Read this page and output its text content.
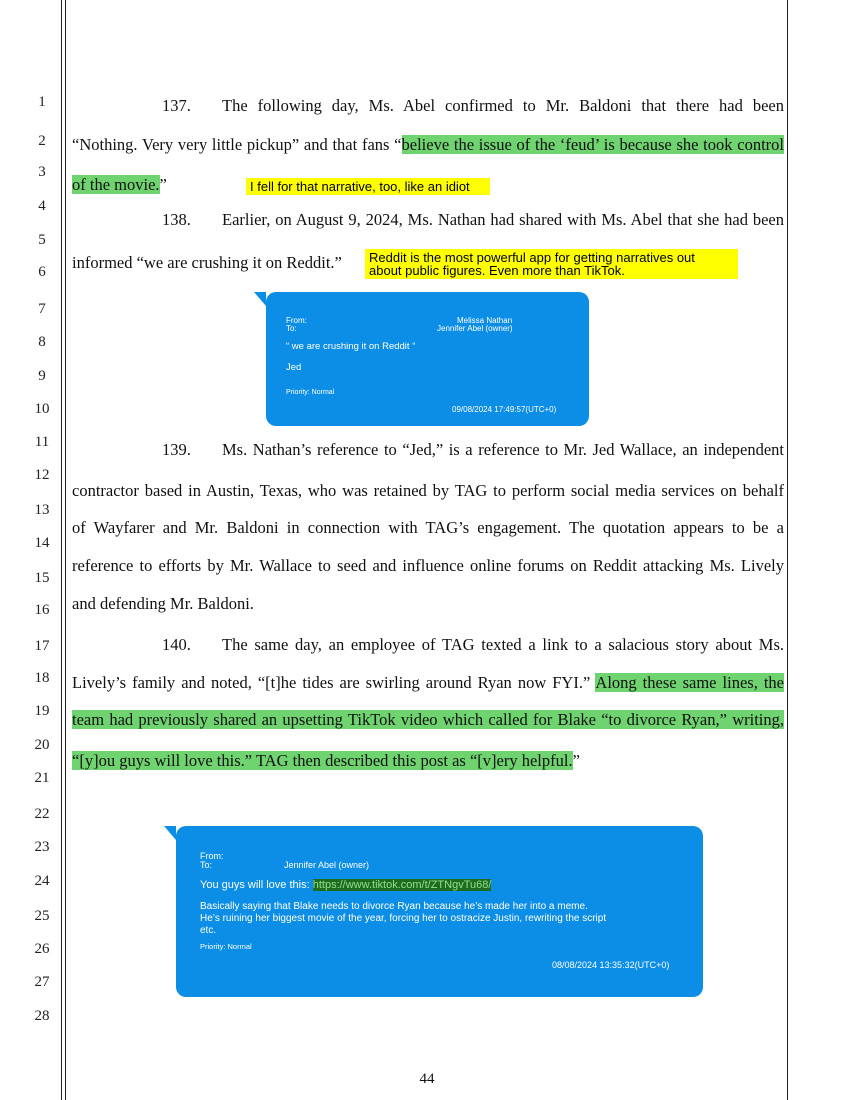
1
2
3
4
5
6
7
8
9
10
11
12
13
14
15
16
17
18
19
20
21
22
23
24
25
26
27
28
137. The following day, Ms. Abel confirmed to Mr. Baldoni that there had been
“Nothing. Very very little pickup” and that fans “believe the issue of the ‘feud’ is because she took control
of the movie.”	I fell for that narrative, too, like an idiot
138. Earlier, on August 9, 2024, Ms. Nathan had shared with Ms. Abel that she had been
informed “we are crushing it on Reddit.”	Reddit is the most powerful app for getting narratives out
about public figures. Even more than TikTok.
From:	Melissa Nathan
To:	Jennifer Abel (owner)
“ we are crushing it on Reddit “
Jed
Priority: Normal
09/08/2024 17:49:57(UTC+0)
139. Ms. Nathan’s reference to “Jed,” is a reference to Mr. Jed Wallace, an independent
contractor based in Austin, Texas, who was retained by TAG to perform social media services on behalf
of Wayfarer and Mr. Baldoni in connection with TAG’s engagement. The quotation appears to be a
reference to efforts by Mr. Wallace to seed and influence online forums on Reddit attacking Ms. Lively
and defending Mr. Baldoni.
140. The same day, an employee of TAG texted a link to a salacious story about Ms.
Lively’s family and noted, “[t]he tides are swirling around Ryan now FYI.” Along these same lines, the
team had previously shared an upsetting TikTok video which called for Blake “to divorce Ryan,” writing,
“[y]ou guys will love this.” TAG then described this post as “[v]ery helpful.”
From:
To:	Jennifer Abel (owner)
You guys will love this: https://www.tiktok.com/t/ZTNgvTu68/
Basically saying that Blake needs to divorce Ryan because he’s made her into a meme.
He’s ruining her biggest movie of the year, forcing her to ostracize Justin, rewriting the script
etc.
Priority: Normal
08/08/2024 13:35:32(UTC+0)
44
